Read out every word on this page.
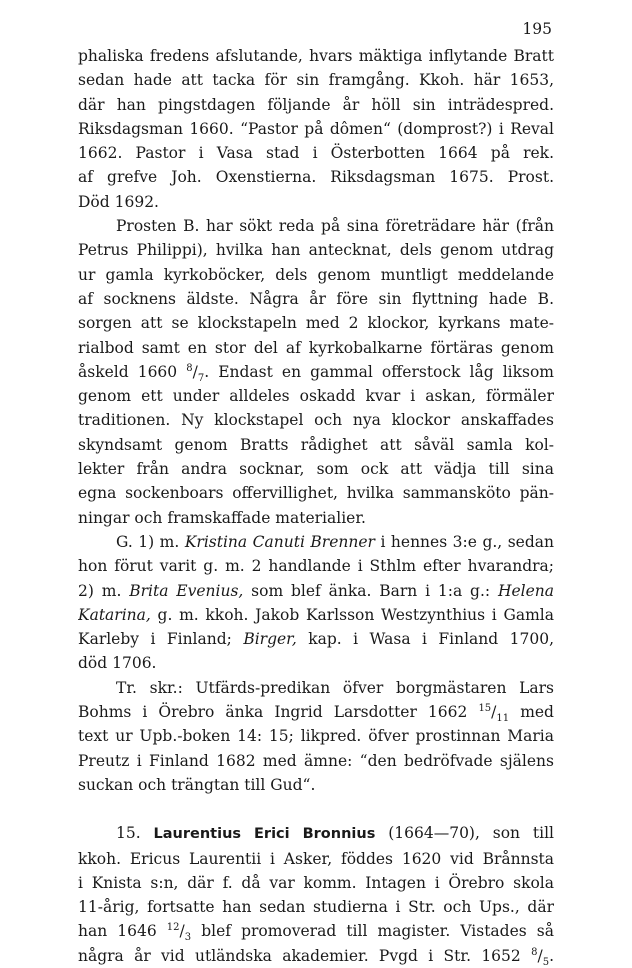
195
phaliska fredens afslutande, hvars mäktiga inflytande Bratt
sedan hade att tacka för sin framgång. Kkoh. här 1653,
där han pingstdagen följande år höll sin inträdespred.
Riksdagsman 1660. “Pastor på dômen“ (domprost?) i Reval
1662. Pastor i Vasa stad i Österbotten 1664 på rek.
af grefve Joh. Oxenstierna. Riksdagsman 1675. Prost.
Död 1692.
Prosten B. har sökt reda på sina företrädare här (från
Petrus Philippi), hvilka han antecknat, dels genom utdrag
ur gamla kyrkoböcker, dels genom muntligt meddelande
af socknens äldste. Några år före sin flyttning hade B.
sorgen att se klockstapeln med 2 klockor, kyrkans mate-
rialbod samt en stor del af kyrkobalkarne förtäras genom
åskeld 1660 $^8/_7$. Endast en gammal offerstock låg liksom
genom ett under alldeles oskadd kvar i askan, förmäler
traditionen. Ny klockstapel och nya klockor anskaffades
skyndsamt genom Bratts rådighet att såväl samla kol-
lekter från andra socknar, som ock att vädja till sina
egna sockenboars offervillighet, hvilka sammansköto pän-
ningar och framskaffade materialier.
G. 1) m. Kristina Canuti Brenner i hennes 3:e g., sedan
hon förut varit g. m. 2 handlande i Sthlm efter hvarandra;
2) m. Brita Evenius, som blef änka. Barn i 1:a g.: Helena
Katarina, g. m. kkoh. Jakob Karlsson Westzynthius i Gamla
Karleby i Finland; Birger, kap. i Wasa i Finland 1700,
död 1706.
Tr. skr.: Utfärds-predikan öfver borgmästaren Lars
Bohms i Örebro änka Ingrid Larsdotter 1662 $^{15}/_{11}$ med
text ur Upb.-boken 14: 15; likpred. öfver prostinnan Maria
Preutz i Finland 1682 med ämne: “den bedröfvade själens
suckan och trängtan till Gud“.
15. Laurentius Erici Bronnius (1664—70), son till
kkoh. Ericus Laurentii i Asker, föddes 1620 vid Brånnsta
i Knista s:n, där f. då var komm. Intagen i Örebro skola
11-årig, fortsatte han sedan studierna i Str. och Ups., där
han 1646 $^{12}/_3$ blef promoverad till magister. Vistades så
några år vid utländska akademier. Pvgd i Str. 1652 $^8/_5$.
